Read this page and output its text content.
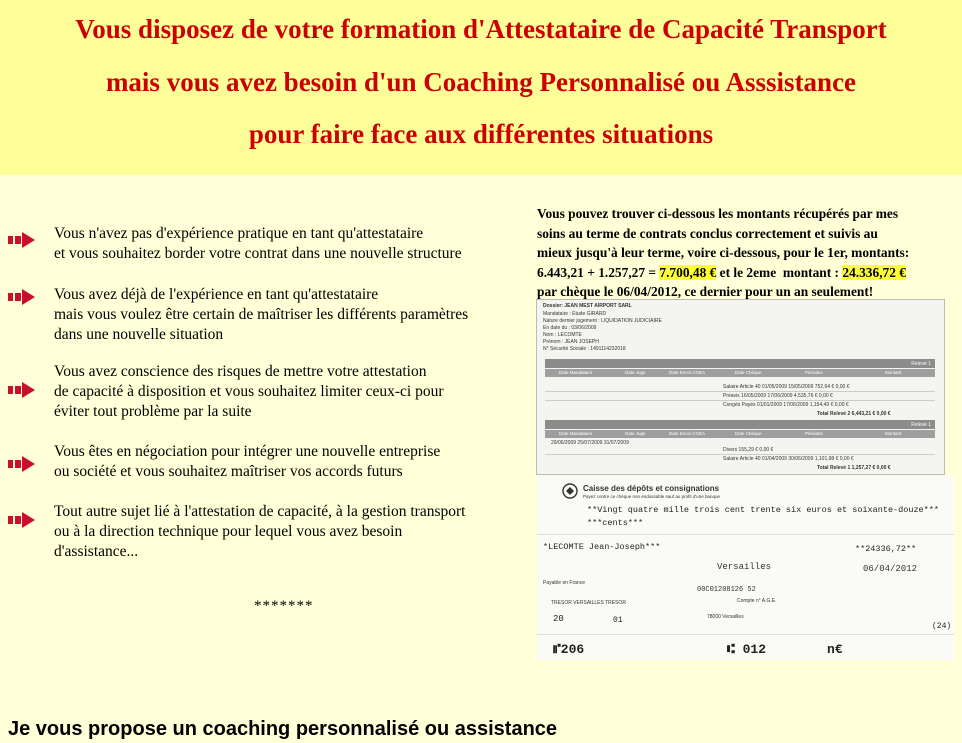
Vous disposez de votre formation d'Attestataire de Capacité Transport
mais vous avez besoin d'un Coaching Personnalisé ou Asssistance
pour faire face aux différentes situations
Vous n'avez pas d'expérience pratique en tant qu'attestataire
et vous souhaitez border votre contrat dans une nouvelle structure
Vous avez déjà de l'expérience en tant qu'attestataire
mais vous voulez être certain de maîtriser les différents paramètres
dans une nouvelle situation
Vous avez conscience des risques de mettre votre attestation
de capacité à disposition et vous souhaitez limiter ceux-ci pour
éviter tout problème par la suite
Vous êtes en négociation pour intégrer une nouvelle entreprise
ou société et vous souhaitez maîtriser vos accords futurs
Tout autre sujet lié à l'attestation de capacité, à la gestion transport
ou à la direction technique pour lequel vous avez besoin
d'assistance...
*******
Vous pouvez trouver ci-dessous les montants récupérés par mes
soins au terme de contrats conclus correctement et suivis au
mieux jusqu'à leur terme, voire ci-dessous, pour le 1er, montants:
6.443,21 + 1.257,27 = 7.700,48 € et le 2eme  montant : 24.336,72 €
par chèque le 06/04/2012, ce dernier pour un an seulement!
Dossier: JEAN MEST AIRPORT SARL
Mandataire : Etude GIRARD
Nature dernier jugement : LIQUIDATION JUDICIAIRE
En date du : 03/06/2009
Nom : LECOMTE
Prénom : JEAN JOSEPH
N° Sécurité Sociale : 1491114232018
Relevé 1
Date Mandataire	Date Juge	Date Envoi CGEA	Date Chèque	Périodes	Montant
Salaire Article 40 01/05/2009 15/05/2009 752,64 € 0,00 €
Préavis 16/05/2009 17/06/2009 4,535,76 € 0,00 €
Congés Payés 01/01/2009 17/06/2009 1,154,49 € 0,00 €
Total Relevé 2 6,443,21 € 0,00 €
Relevé 1
Date Mandataire	Date Juge	Date Envoi CGEA	Date Chèque	Périodes	Montant
29/06/2009 25/07/2009 31/07/2009
Divers 155,29 € 0,00 €
Salaire Article 40 01/04/2009 30/06/2009 1,101,98 € 0,00 €
Total Relevé 1 1,257,27 € 0,00 €
Caisse des dépôts et consignations
Payez contre ce chèque non endossable sauf au profit d'une banque
**Vingt quatre mille trois cent trente six euros et soixante-douze***
***cents***
*LECOMTE Jean-Joseph***	**24336,72**
Versailles	06/04/2012
Payable en France
00C01208126 52
TRESOR VERSAILLES TRESOR	Compte n° A.G.E.
78000 Versailles
20	01
(24)
⑈206	⑆ 012	n€
Je vous propose un coaching personnalisé ou assistance
